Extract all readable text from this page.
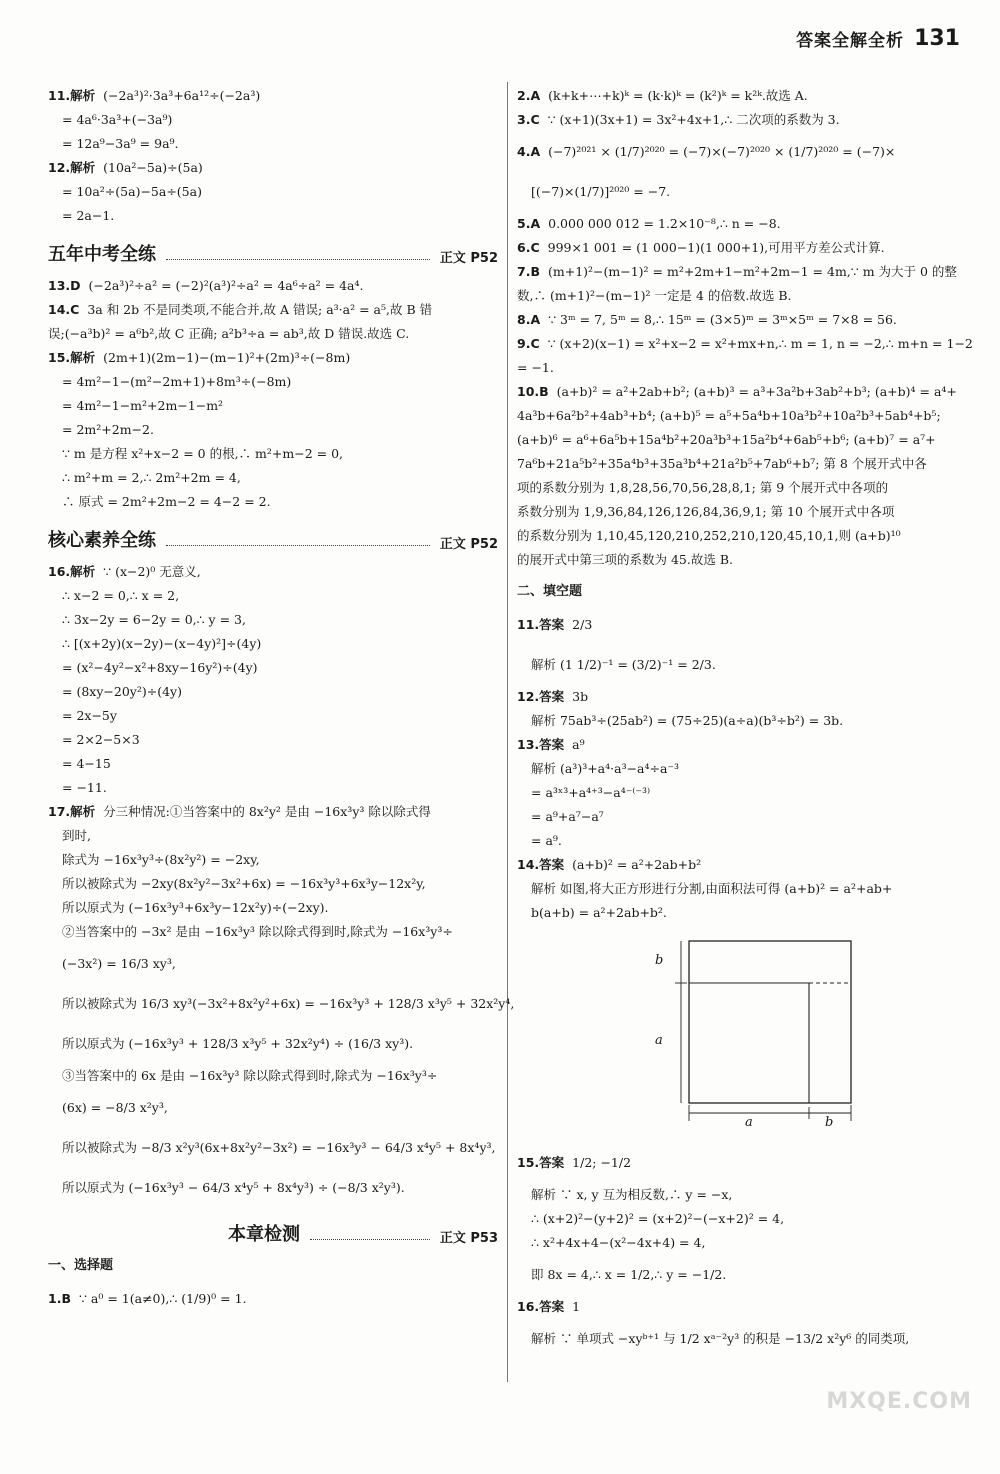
答案全解全析 131
11.解析 (−2a³)²·3a³+6a¹²÷(−2a³)
= 4a⁶·3a³+(−3a⁹)
= 12a⁹−3a⁹ = 9a⁹.
12.解析 (10a²−5a)÷(5a)
= 10a²÷(5a)−5a÷(5a)
= 2a−1.
五年中考全练	正文 P52
13.D (−2a³)²÷a² = (−2)²(a³)²÷a² = 4a⁶÷a² = 4a⁴.
14.C 3a 和 2b 不是同类项,不能合并,故 A 错误; a³·a² = a⁵,故 B 错
误;(−a³b)² = a⁶b²,故 C 正确; a²b³÷a = ab³,故 D 错误.故选 C.
15.解析 (2m+1)(2m−1)−(m−1)²+(2m)³÷(−8m)
= 4m²−1−(m²−2m+1)+8m³÷(−8m)
= 4m²−1−m²+2m−1−m²
= 2m²+2m−2.
∵ m 是方程 x²+x−2 = 0 的根,∴ m²+m−2 = 0,
∴ m²+m = 2,∴ 2m²+2m = 4,
∴ 原式 = 2m²+2m−2 = 4−2 = 2.
核心素养全练	正文 P52
16.解析 ∵ (x−2)⁰ 无意义,
∴ x−2 = 0,∴ x = 2,
∴ 3x−2y = 6−2y = 0,∴ y = 3,
∴ [(x+2y)(x−2y)−(x−4y)²]÷(4y)
= (x²−4y²−x²+8xy−16y²)÷(4y)
= (8xy−20y²)÷(4y)
= 2x−5y
= 2×2−5×3
= 4−15
= −11.
17.解析 分三种情况:①当答案中的 8x²y² 是由 −16x³y³ 除以除式得
到时,
除式为 −16x³y³÷(8x²y²) = −2xy,
所以被除式为 −2xy(8x²y²−3x²+6x) = −16x³y³+6x³y−12x²y,
所以原式为 (−16x³y³+6x³y−12x²y)÷(−2xy).
②当答案中的 −3x² 是由 −16x³y³ 除以除式得到时,除式为 −16x³y³÷
(−3x²) = 16/3 xy³,
所以被除式为 16/3 xy³(−3x²+8x²y²+6x) = −16x³y³ + 128/3 x³y⁵ + 32x²y⁴,
所以原式为 (−16x³y³ + 128/3 x³y⁵ + 32x²y⁴) ÷ (16/3 xy³).
③当答案中的 6x 是由 −16x³y³ 除以除式得到时,除式为 −16x³y³÷
(6x) = −8/3 x²y³,
所以被除式为 −8/3 x²y³(6x+8x²y²−3x²) = −16x³y³ − 64/3 x⁴y⁵ + 8x⁴y³,
所以原式为 (−16x³y³ − 64/3 x⁴y⁵ + 8x⁴y³) ÷ (−8/3 x²y³).
本章检测	正文 P53
一、选择题
1.B ∵ a⁰ = 1(a≠0),∴ (1/9)⁰ = 1.
2.A (k+k+⋯+k)ᵏ = (k·k)ᵏ = (k²)ᵏ = k²ᵏ.故选 A.
3.C ∵ (x+1)(3x+1) = 3x²+4x+1,∴ 二次项的系数为 3.
4.A (−7)²⁰²¹ × (1/7)²⁰²⁰ = (−7)×(−7)²⁰²⁰ × (1/7)²⁰²⁰ = (−7)×
[(−7)×(1/7)]²⁰²⁰ = −7.
5.A 0.000 000 012 = 1.2×10⁻⁸,∴ n = −8.
6.C 999×1 001 = (1 000−1)(1 000+1),可用平方差公式计算.
7.B (m+1)²−(m−1)² = m²+2m+1−m²+2m−1 = 4m,∵ m 为大于 0 的整
数,∴ (m+1)²−(m−1)² 一定是 4 的倍数.故选 B.
8.A ∵ 3ᵐ = 7, 5ᵐ = 8,∴ 15ᵐ = (3×5)ᵐ = 3ᵐ×5ᵐ = 7×8 = 56.
9.C ∵ (x+2)(x−1) = x²+x−2 = x²+mx+n,∴ m = 1, n = −2,∴ m+n = 1−2
= −1.
10.B (a+b)² = a²+2ab+b²; (a+b)³ = a³+3a²b+3ab²+b³; (a+b)⁴ = a⁴+
4a³b+6a²b²+4ab³+b⁴; (a+b)⁵ = a⁵+5a⁴b+10a³b²+10a²b³+5ab⁴+b⁵;
(a+b)⁶ = a⁶+6a⁵b+15a⁴b²+20a³b³+15a²b⁴+6ab⁵+b⁶; (a+b)⁷ = a⁷+
7a⁶b+21a⁵b²+35a⁴b³+35a³b⁴+21a²b⁵+7ab⁶+b⁷; 第 8 个展开式中各
项的系数分别为 1,8,28,56,70,56,28,8,1; 第 9 个展开式中各项的
系数分别为 1,9,36,84,126,126,84,36,9,1; 第 10 个展开式中各项
的系数分别为 1,10,45,120,210,252,210,120,45,10,1,则 (a+b)¹⁰
的展开式中第三项的系数为 45.故选 B.
二、填空题
11.答案 2/3
解析 (1 1/2)⁻¹ = (3/2)⁻¹ = 2/3.
12.答案 3b
解析 75ab³÷(25ab²) = (75÷25)(a÷a)(b³÷b²) = 3b.
13.答案 a⁹
解析 (a³)³+a⁴·a³−a⁴÷a⁻³
= a³ˣ³+a⁴⁺³−a⁴⁻⁽⁻³⁾
= a⁹+a⁷−a⁷
= a⁹.
14.答案 (a+b)² = a²+2ab+b²
解析 如图,将大正方形进行分割,由面积法可得 (a+b)² = a²+ab+
b(a+b) = a²+2ab+b².
b
a
a	b
15.答案 1/2; −1/2
解析 ∵ x, y 互为相反数,∴ y = −x,
∴ (x+2)²−(y+2)² = (x+2)²−(−x+2)² = 4,
∴ x²+4x+4−(x²−4x+4) = 4,
即 8x = 4,∴ x = 1/2,∴ y = −1/2.
16.答案 1
解析 ∵ 单项式 −xyᵇ⁺¹ 与 1/2 xᵃ⁻²y³ 的积是 −13/2 x²y⁶ 的同类项,
MXQE.COM
